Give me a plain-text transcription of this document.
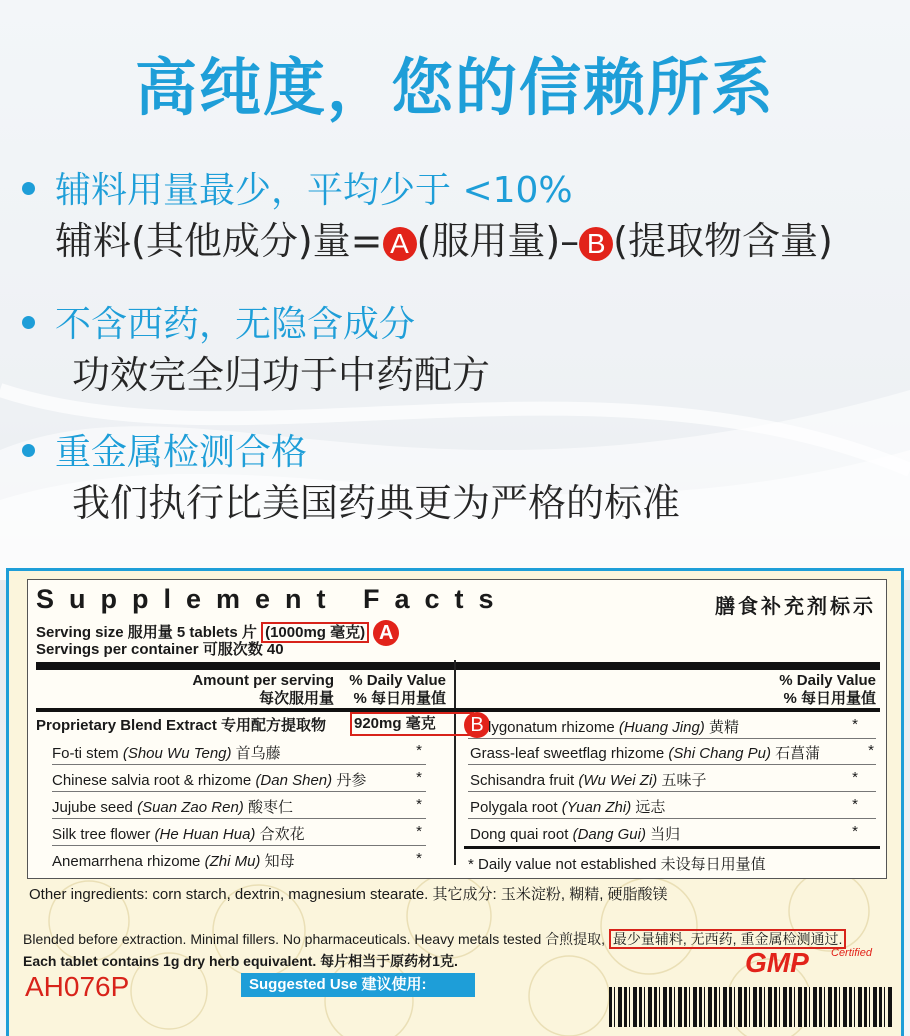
高纯度，您的信赖所系
辅料用量最少，平均少于 <10%
辅料(其他成分)量= A (服用量)– B (提取物含量)
不含西药，无隐含成分
功效完全归功于中药配方
重金属检测合格
我们执行比美国药典更为严格的标准
Supplement Facts	膳食补充剂标示
Serving size 服用量 5 tablets 片 (1000mg 毫克) A
Servings per container 可服次数 40
Amount per serving
每次服用量
% Daily Value
% 每日用量值
% Daily Value
% 每日用量值
Proprietary Blend Extract 专用配方提取物 920mg 毫克	B
Fo-ti stem (Shou Wu Teng) 首乌藤	*
Chinese salvia root & rhizome (Dan Shen) 丹参	*
Jujube seed (Suan Zao Ren) 酸枣仁	*
Silk tree flower (He Huan Hua) 合欢花	*
Anemarrhena rhizome (Zhi Mu) 知母	*
lygonatum rhizome (Huang Jing) 黄精	*
Grass-leaf sweetflag rhizome (Shi Chang Pu) 石菖蒲	*
Schisandra fruit (Wu Wei Zi) 五味子	*
Polygala root (Yuan Zhi) 远志	*
Dong quai root (Dang Gui) 当归	*
* Daily value not established 未设每日用量值
Other ingredients: corn starch, dextrin, magnesium stearate. 其它成分: 玉米淀粉, 糊精, 硬脂酸镁
Blended before extraction. Minimal fillers. No pharmaceuticals. Heavy metals tested 合煎提取, 最少量辅料, 无西药, 重金属检测通过.
Each tablet contains 1g dry herb equivalent. 每片相当于原药材1克.	GMP Certified
AH076P	Suggested Use 建议使用:
